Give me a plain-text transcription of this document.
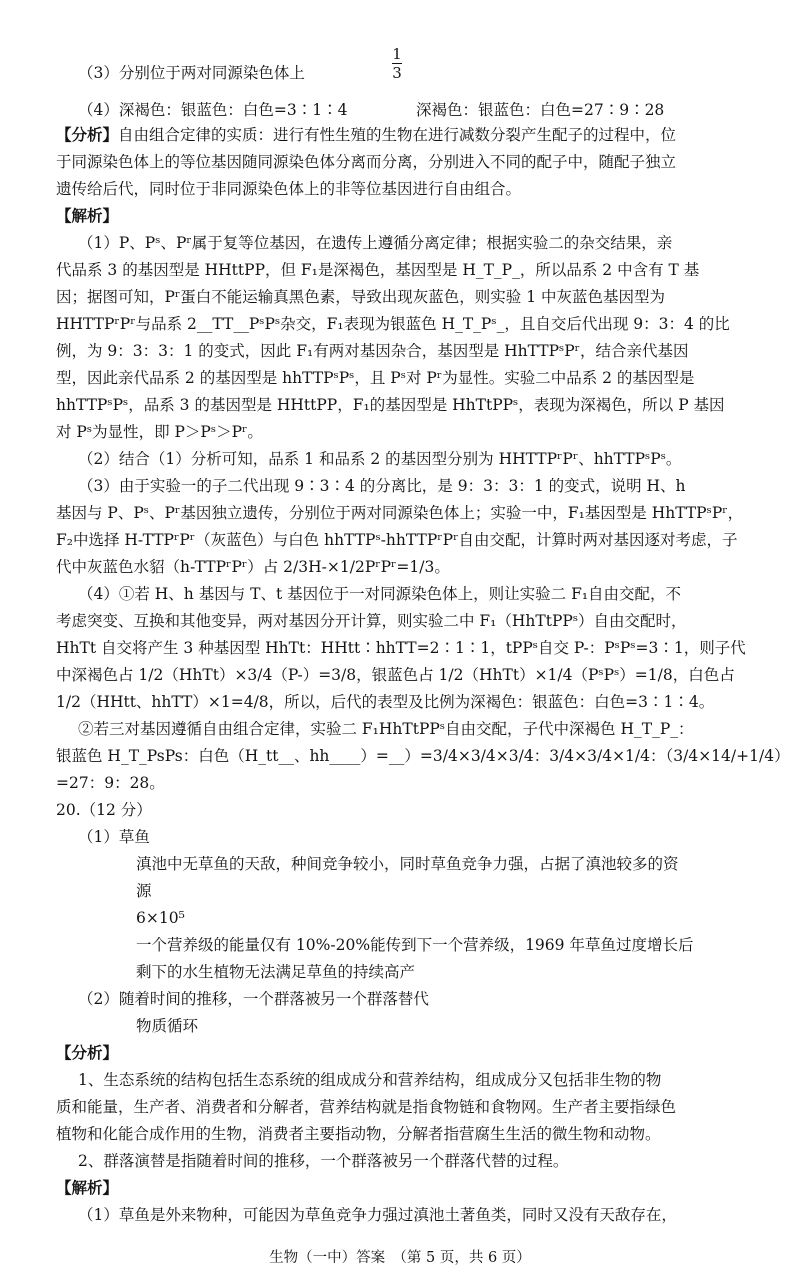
（3）分别位于两对同源染色体上
1
3
（4）深褐色：银蓝色：白色=3∶1∶4	深褐色：银蓝色：白色=27∶9∶28
【分析】自由组合定律的实质：进行有性生殖的生物在进行减数分裂产生配子的过程中，位
于同源染色体上的等位基因随同源染色体分离而分离，分别进入不同的配子中，随配子独立
遗传给后代，同时位于非同源染色体上的非等位基因进行自由组合。
【解析】
（1）P、Pˢ、Pʳ属于复等位基因，在遗传上遵循分离定律；根据实验二的杂交结果，亲
代品系 3 的基因型是 HHttPP，但 F₁是深褐色，基因型是 H_T_P_，所以品系 2 中含有 T 基
因；据图可知，Pʳ蛋白不能运输真黑色素，导致出现灰蓝色，则实验 1 中灰蓝色基因型为
HHTTPʳPʳ与品系 2__TT__PˢPˢ杂交，F₁表现为银蓝色 H_T_Pˢ_，且自交后代出现 9：3：4 的比
例，为 9：3：3：1 的变式，因此 F₁有两对基因杂合，基因型是 HhTTPˢPʳ，结合亲代基因
型，因此亲代品系 2 的基因型是 hhTTPˢPˢ，且 Pˢ对 Pʳ为显性。实验二中品系 2 的基因型是
hhTTPˢPˢ，品系 3 的基因型是 HHttPP，F₁的基因型是 HhTtPPˢ，表现为深褐色，所以 P 基因
对 Pˢ为显性，即 P＞Pˢ＞Pʳ。
（2）结合（1）分析可知，品系 1 和品系 2 的基因型分别为 HHTTPʳPʳ、hhTTPˢPˢ。
（3）由于实验一的子二代出现 9∶3∶4 的分离比，是 9：3：3：1 的变式，说明 H、h
基因与 P、Pˢ、Pʳ基因独立遗传，分别位于两对同源染色体上；实验一中，F₁基因型是 HhTTPˢPʳ，
F₂中选择 H-TTPʳPʳ（灰蓝色）与白色 hhTTPˢ-hhTTPʳPʳ自由交配，计算时两对基因逐对考虑，子
代中灰蓝色水貂（h-TTPʳPʳ）占 2/3H-×1/2PʳPʳ=1/3。
（4）①若 H、h 基因与 T、t 基因位于一对同源染色体上，则让实验二 F₁自由交配，不
考虑突变、互换和其他变异，两对基因分开计算，则实验二中 F₁（HhTtPPˢ）自由交配时，
HhTt 自交将产生 3 种基因型 HhTt：HHtt∶hhTT=2∶1∶1，tPPˢ自交 P-：PˢPˢ=3∶1，则子代
中深褐色占 1/2（HhTt）×3/4（P-）=3/8，银蓝色占 1/2（HhTt）×1/4（PˢPˢ）=1/8，白色占
1/2（HHtt、hhTT）×1=4/8，所以，后代的表型及比例为深褐色：银蓝色：白色=3∶1∶4。
②若三对基因遵循自由组合定律，实验二 F₁HhTtPPˢ自由交配，子代中深褐色 H_T_P_：
银蓝色 H_T_PsPs：白色（H_tt__、hh____）=__）=3/4×3/4×3/4：3/4×3/4×1/4：（3/4×14/+1/4）
=27：9：28。
20.（12 分）
（1）草鱼
滇池中无草鱼的天敌，种间竞争较小，同时草鱼竞争力强，占据了滇池较多的资
源
6×10⁵
一个营养级的能量仅有 10%-20%能传到下一个营养级，1969 年草鱼过度增长后
剩下的水生植物无法满足草鱼的持续高产
（2）随着时间的推移，一个群落被另一个群落替代
物质循环
【分析】
1、生态系统的结构包括生态系统的组成成分和营养结构，组成成分又包括非生物的物
质和能量，生产者、消费者和分解者，营养结构就是指食物链和食物网。生产者主要指绿色
植物和化能合成作用的生物，消费者主要指动物，分解者指营腐生生活的微生物和动物。
2、群落演替是指随着时间的推移，一个群落被另一个群落代替的过程。
【解析】
（1）草鱼是外来物种，可能因为草鱼竞争力强过滇池土著鱼类，同时又没有天敌存在，
生物（一中）答案　（第 5 页，共 6 页）
